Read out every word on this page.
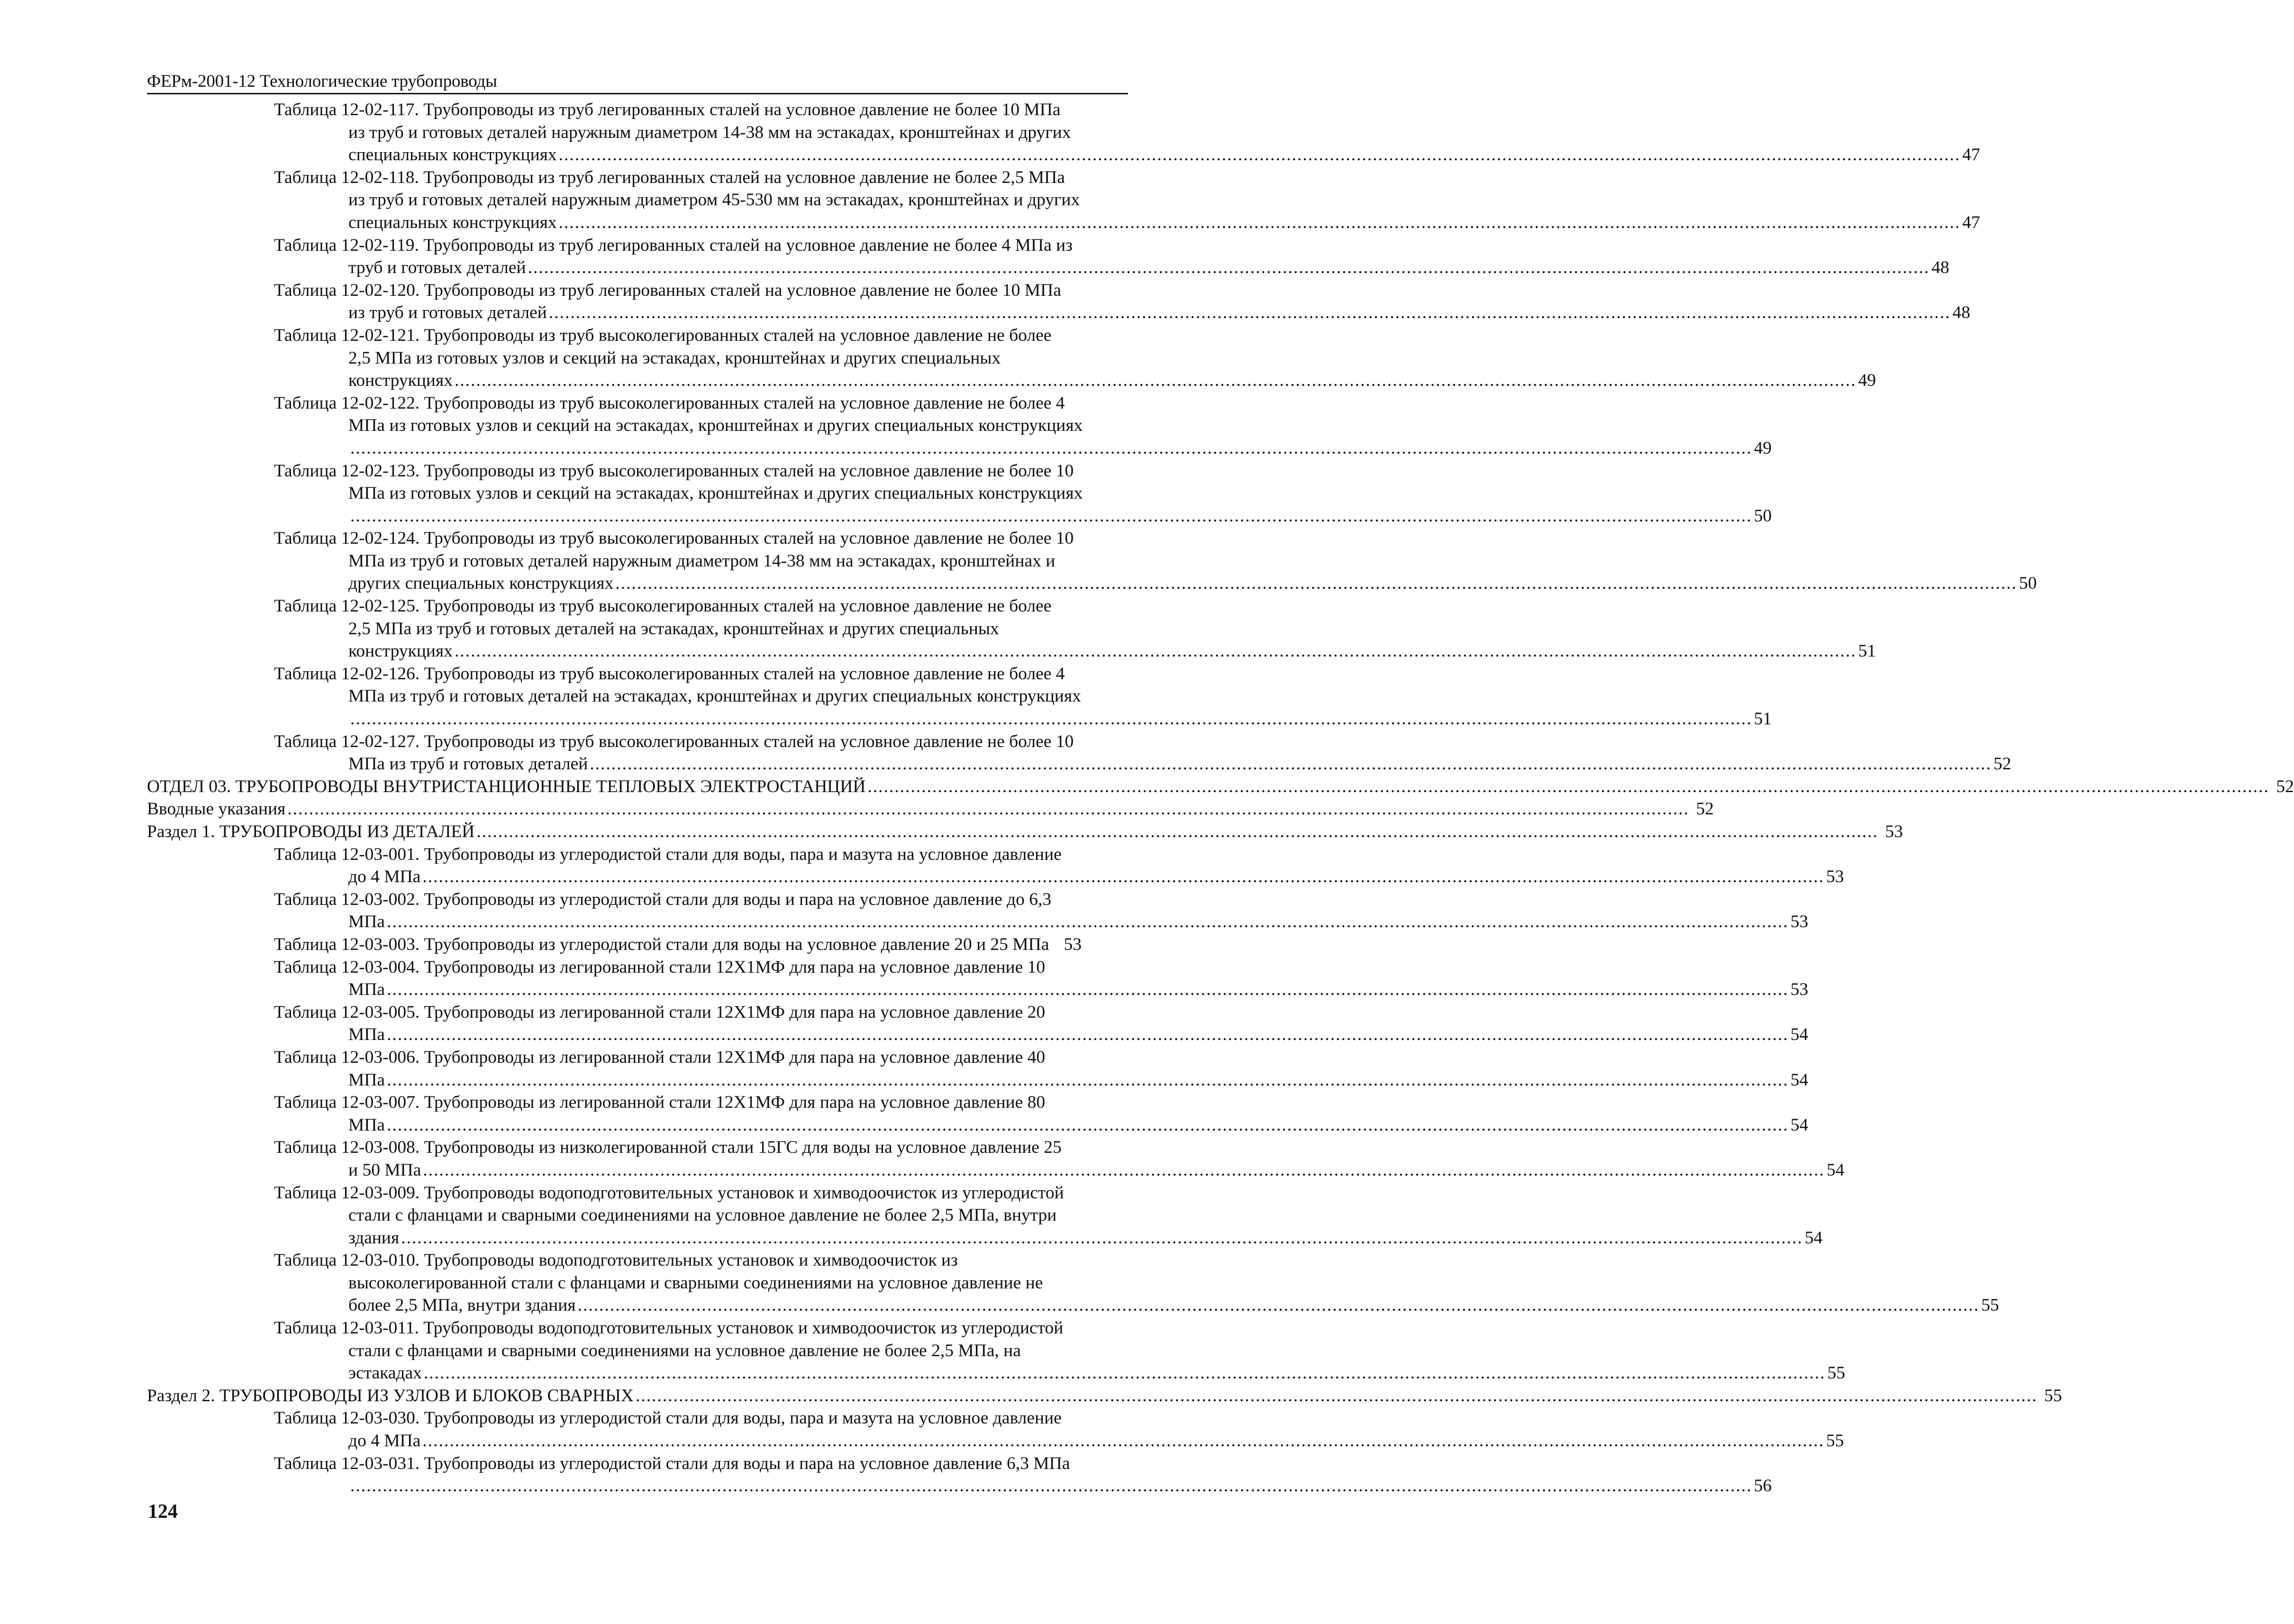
ФЕРм-2001-12 Технологические трубопроводы
Таблица 12-02-117. Трубопроводы из труб легированных сталей на условное давление не более 10 МПа
из труб и готовых деталей наружным диаметром 14-38 мм на эстакадах, кронштейнах и других
специальных конструкциях .....	47
Таблица 12-02-118. Трубопроводы из труб легированных сталей на условное давление не более 2,5 МПа
из труб и готовых деталей наружным диаметром 45-530 мм на эстакадах, кронштейнах и других
специальных конструкциях .....	47
Таблица 12-02-119. Трубопроводы из труб легированных сталей на условное давление не более 4 МПа из
труб и готовых деталей .....	48
Таблица 12-02-120. Трубопроводы из труб легированных сталей на условное давление не более 10 МПа
из труб и готовых деталей .....	48
Таблица 12-02-121. Трубопроводы из труб высоколегированных сталей на условное давление не более
2,5 МПа из готовых узлов и секций на эстакадах, кронштейнах и других специальных
конструкциях .....	49
Таблица 12-02-122. Трубопроводы из труб высоколегированных сталей на условное давление не более 4
МПа из готовых узлов и секций на эстакадах, кронштейнах и других специальных конструкциях
..... 49
Таблица 12-02-123. Трубопроводы из труб высоколегированных сталей на условное давление не более 10
МПа из готовых узлов и секций на эстакадах, кронштейнах и других специальных конструкциях
..... 50
Таблица 12-02-124. Трубопроводы из труб высоколегированных сталей на условное давление не более 10
МПа из труб и готовых деталей наружным диаметром 14-38 мм на эстакадах, кронштейнах и
других специальных конструкциях .....	50
Таблица 12-02-125. Трубопроводы из труб высоколегированных сталей на условное давление не более
2,5 МПа из труб и готовых деталей на эстакадах, кронштейнах и других специальных
конструкциях .....	51
Таблица 12-02-126. Трубопроводы из труб высоколегированных сталей на условное давление не более 4
МПа из труб и готовых деталей на эстакадах, кронштейнах и других специальных конструкциях
..... 51
Таблица 12-02-127. Трубопроводы из труб высоколегированных сталей на условное давление не более 10
МПа из труб и готовых деталей .....	52
ОТДЕЛ 03. ТРУБОПРОВОДЫ ВНУТРИСТАНЦИОННЫЕ ТЕПЛОВЫХ ЭЛЕКТРОСТАНЦИЙ .....	52
Вводные указания .....	52
Раздел 1. ТРУБОПРОВОДЫ ИЗ ДЕТАЛЕЙ .....	53
Таблица 12-03-001. Трубопроводы из углеродистой стали для воды, пара и мазута на условное давление
до 4 МПа .....	53
Таблица 12-03-002. Трубопроводы из углеродистой стали для воды и пара на условное давление до 6,3
МПа .....	53
Таблица 12-03-003. Трубопроводы из углеродистой стали для воды на условное давление 20 и 25 МПа 53
Таблица 12-03-004. Трубопроводы из легированной стали 12Х1МФ для пара на условное давление 10
МПа .....	53
Таблица 12-03-005. Трубопроводы из легированной стали 12Х1МФ для пара на условное давление 20
МПа .....	54
Таблица 12-03-006. Трубопроводы из легированной стали 12Х1МФ для пара на условное давление 40
МПа .....	54
Таблица 12-03-007. Трубопроводы из легированной стали 12Х1МФ для пара на условное давление 80
МПа .....	54
Таблица 12-03-008. Трубопроводы из низколегированной стали 15ГС для воды на условное давление 25
и 50 МПа .....	54
Таблица 12-03-009. Трубопроводы водоподготовительных установок и химводоочисток из углеродистой
стали с фланцами и сварными соединениями на условное давление не более 2,5 МПа, внутри
здания .....	54
Таблица 12-03-010. Трубопроводы водоподготовительных установок и химводоочисток из
высоколегированной стали с фланцами и сварными соединениями на условное давление не
более 2,5 МПа, внутри здания .....	55
Таблица 12-03-011. Трубопроводы водоподготовительных установок и химводоочисток из углеродистой
стали с фланцами и сварными соединениями на условное давление не более 2,5 МПа, на
эстакадах .....	55
Раздел 2. ТРУБОПРОВОДЫ ИЗ УЗЛОВ И БЛОКОВ СВАРНЫХ .....	55
Таблица 12-03-030. Трубопроводы из углеродистой стали для воды, пара и мазута на условное давление
до 4 МПа .....	55
Таблица 12-03-031. Трубопроводы из углеродистой стали для воды и пара на условное давление 6,3 МПа
..... 56
124
